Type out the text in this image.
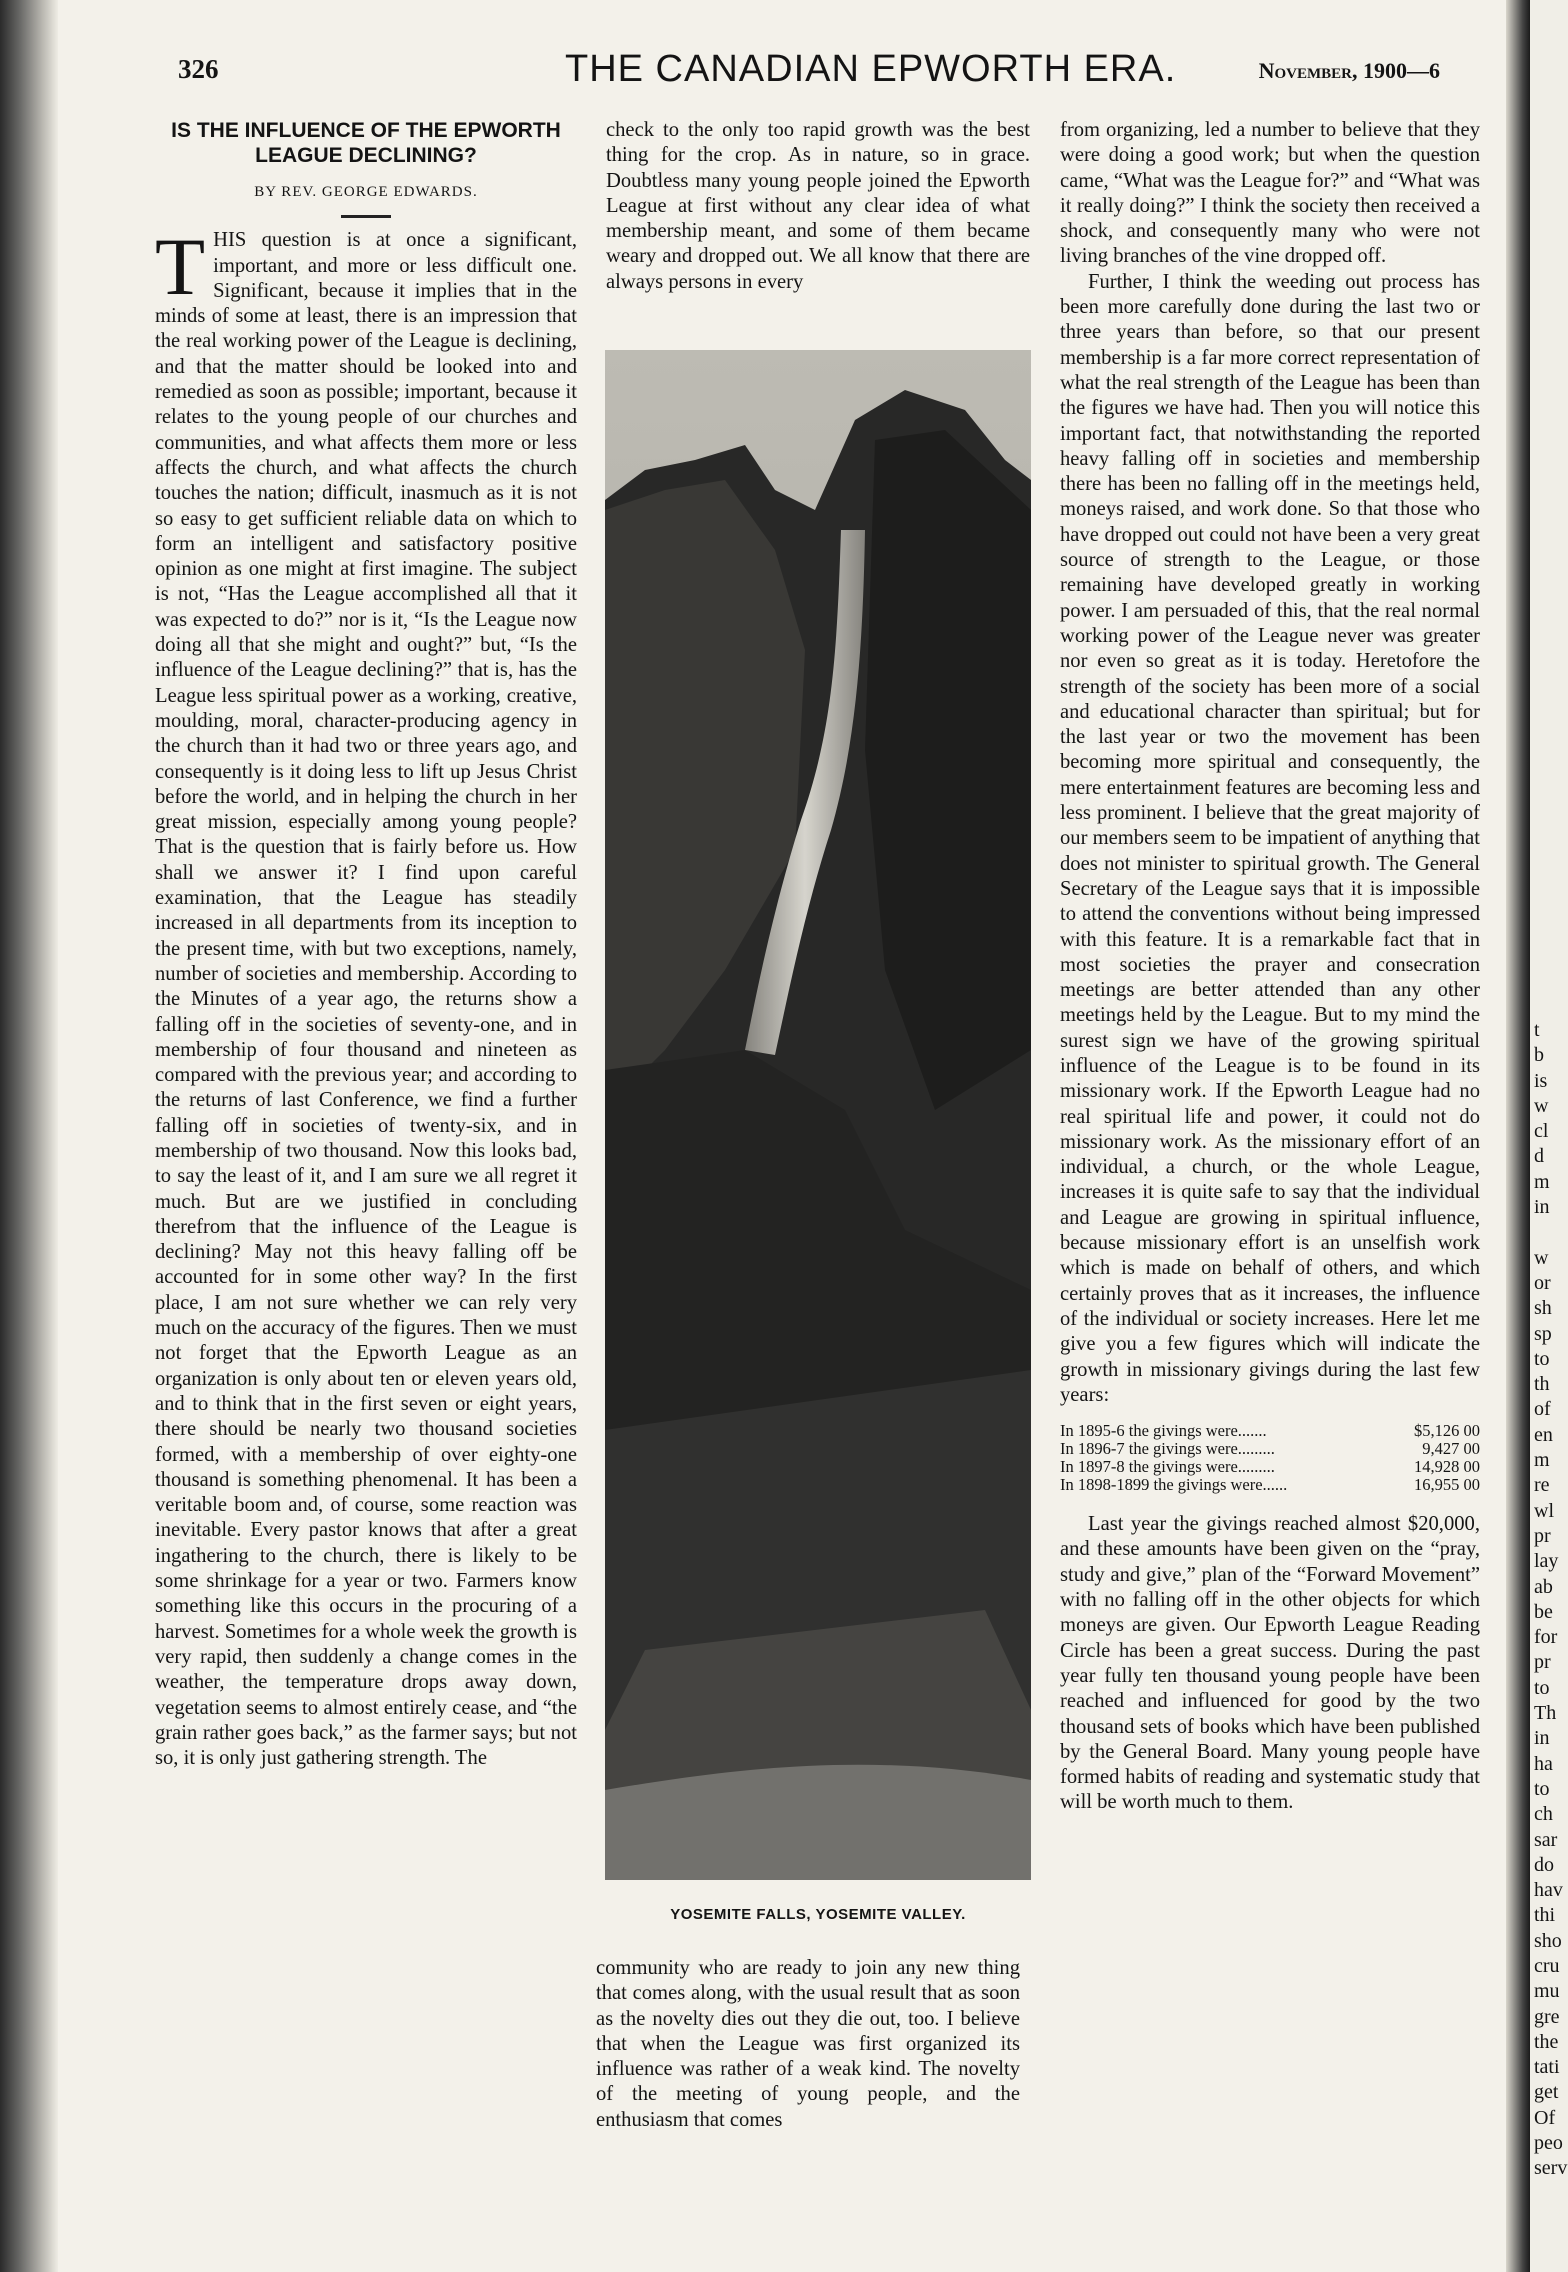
326	THE CANADIAN EPWORTH ERA.	November, 1900—6
IS THE INFLUENCE OF THE EPWORTH LEAGUE DECLINING?
BY REV. GEORGE EDWARDS.

THIS question is at once a significant, important, and more or less difficult one. Significant, because it implies that in the minds of some at least, there is an impression that the real working power of the League is declining, and that the matter should be looked into and remedied as soon as possible; important, because it relates to the young people of our churches and communities, and what affects them more or less affects the church, and what affects the church touches the nation; difficult, inasmuch as it is not so easy to get sufficient reliable data on which to form an intelligent and satisfactory positive opinion as one might at first imagine. The subject is not, “Has the League accomplished all that it was expected to do?” nor is it, “Is the League now doing all that she might and ought?” but, “Is the influence of the League declining?” that is, has the League less spiritual power as a working, creative, moulding, moral, character-producing agency in the church than it had two or three years ago, and consequently is it doing less to lift up Jesus Christ before the world, and in helping the church in her great mission, especially among young people? That is the question that is fairly before us. How shall we answer it? I find upon careful examination, that the League has steadily increased in all departments from its inception to the present time, with but two exceptions, namely, number of societies and membership. According to the Minutes of a year ago, the returns show a falling off in the societies of seventy-one, and in membership of four thousand and nineteen as compared with the previous year; and according to the returns of last Conference, we find a further falling off in societies of twenty-six, and in membership of two thousand. Now this looks bad, to say the least of it, and I am sure we all regret it much. But are we justified in concluding therefrom that the influence of the League is declining? May not this heavy falling off be accounted for in some other way? In the first place, I am not sure whether we can rely very much on the accuracy of the figures. Then we must not forget that the Epworth League as an organization is only about ten or eleven years old, and to think that in the first seven or eight years, there should be nearly two thousand societies formed, with a membership of over eighty-one thousand is something phenomenal. It has been a veritable boom and, of course, some reaction was inevitable. Every pastor knows that after a great ingathering to the church, there is likely to be some shrinkage for a year or two. Farmers know something like this occurs in the procuring of a harvest. Sometimes for a whole week the growth is very rapid, then suddenly a change comes in the weather, the temperature drops away down, vegetation seems to almost entirely cease, and “the grain rather goes back,” as the farmer says; but not so, it is only just gathering strength. The

check to the only too rapid growth was the best thing for the crop. As in nature, so in grace. Doubtless many young people joined the Epworth League at first without any clear idea of what membership meant, and some of them became weary and dropped out. We all know that there are always persons in every

YOSEMITE FALLS, YOSEMITE VALLEY.

community who are ready to join any new thing that comes along, with the usual result that as soon as the novelty dies out they die out, too. I believe that when the League was first organized its influence was rather of a weak kind. The novelty of the meeting of young people, and the enthusiasm that comes

from organizing, led a number to believe that they were doing a good work; but when the question came, “What was the League for?” and “What was it really doing?” I think the society then received a shock, and consequently many who were not living branches of the vine dropped off.

Further, I think the weeding out process has been more carefully done during the last two or three years than before, so that our present membership is a far more correct representation of what the real strength of the League has been than the figures we have had. Then you will notice this important fact, that notwithstanding the reported heavy falling off in societies and membership there has been no falling off in the meetings held, moneys raised, and work done. So that those who have dropped out could not have been a very great source of strength to the League, or those remaining have developed greatly in working power. I am persuaded of this, that the real normal working power of the League never was greater nor even so great as it is today. Heretofore the strength of the society has been more of a social and educational character than spiritual; but for the last year or two the movement has been becoming more spiritual and consequently, the mere entertainment features are becoming less and less prominent. I believe that the great majority of our members seem to be impatient of anything that does not minister to spiritual growth. The General Secretary of the League says that it is impossible to attend the conventions without being impressed with this feature. It is a remarkable fact that in most societies the prayer and consecration meetings are better attended than any other meetings held by the League. But to my mind the surest sign we have of the growing spiritual influence of the League is to be found in its missionary work. If the Epworth League had no real spiritual life and power, it could not do missionary work. As the missionary effort of an individual, a church, or the whole League, increases it is quite safe to say that the individual and League are growing in spiritual influence, because missionary effort is an unselfish work which is made on behalf of others, and which certainly proves that as it increases, the influence of the individual or society increases. Here let me give you a few figures which will indicate the growth in missionary givings during the last few years:

In 1895-6 the givings were.......	$5,126 00
In 1896-7 the givings were.........	9,427 00
In 1897-8 the givings were.........	14,928 00
In 1898-1899 the givings were......	16,955 00

Last year the givings reached almost $20,000, and these amounts have been given on the “pray, study and give,” plan of the “Forward Movement” with no falling off in the other objects for which moneys are given. Our Epworth League Reading Circle has been a great success. During the past year fully ten thousand young people have been reached and influenced for good by the two thousand sets of books which have been published by the General Board. Many young people have formed habits of reading and systematic study that will be worth much to them.

t
b
is
w
cl
d
m
in

w
or
sh
sp
to
th
of
en
m
re
wl
pr
lay
ab
be
for
pr
to
Th
in
ha
to
ch
sar
do
hav
thi
sho
cru
mu
gre
the
tati
get
Of
peo
serv
